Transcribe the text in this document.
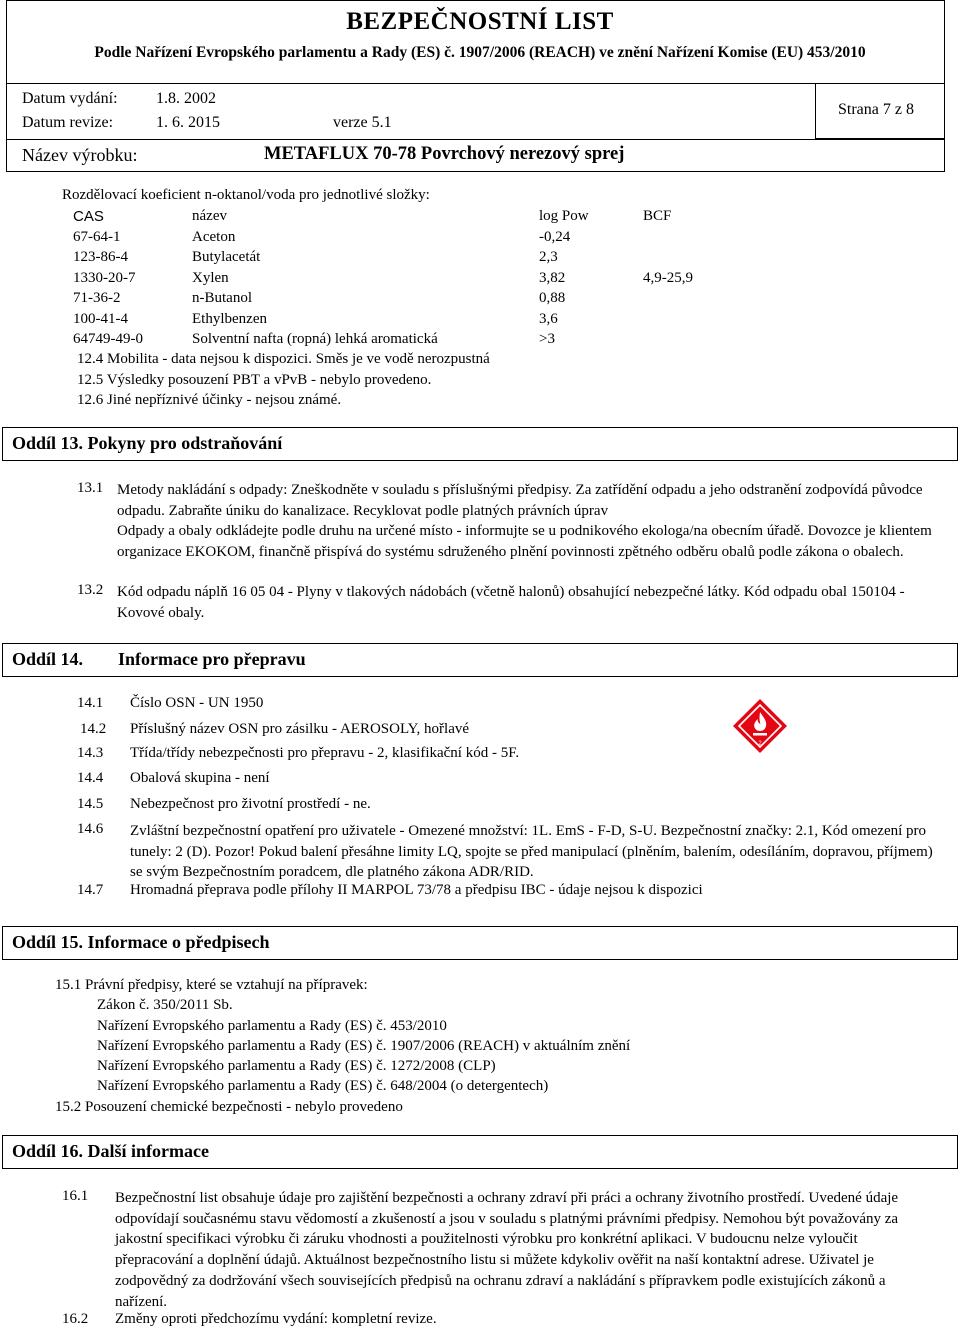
BEZPEČNOSTNÍ LIST
Podle Nařízení Evropského parlamentu a Rady (ES) č. 1907/2006 (REACH) ve znění Nařízení Komise (EU) 453/2010
Datum vydání: 1.8. 2002
Datum revize:	1. 6. 2015	verze 5.1
Strana 7 z 8
Název výrobku:	METAFLUX 70-78 Povrchový nerezový sprej
Rozdělovací koeficient n-oktanol/voda pro jednotlivé složky:
CAS	název	log Pow	BCF
67-64-1	Aceton	-0,24
123-86-4	Butylacetát	2,3
1330-20-7	Xylen	3,82	4,9-25,9
71-36-2	n-Butanol	0,88
100-41-4	Ethylbenzen	3,6
64749-49-0	Solventní nafta (ropná) lehká aromatická	>3
12.4 Mobilita - data nejsou k dispozici. Směs je ve vodě nerozpustná
12.5 Výsledky posouzení PBT a vPvB - nebylo provedeno.
12.6 Jiné nepříznivé účinky - nejsou známé.
Oddíl 13. Pokyny pro odstraňování
13.1 Metody nakládání s odpady: Zneškodněte v souladu s příslušnými předpisy. Za zatřídění odpadu a jeho odstranění zodpovídá původce odpadu. Zabraňte úniku do kanalizace. Recyklovat podle platných právních úprav
Odpady a obaly odkládejte podle druhu na určené místo - informujte se u podnikového ekologa/na obecním úřadě. Dovozce je klientem organizace EKOKOM, finančně přispívá do systému sdruženého plnění povinnosti zpětného odběru obalů podle zákona o obalech.
13.2 Kód odpadu náplň 16 05 04 - Plyny v tlakových nádobách (včetně halonů) obsahující nebezpečné látky. Kód odpadu obal 150104 - Kovové obaly.
Oddíl 14. Informace pro přepravu
14.1 Číslo OSN - UN 1950
14.2 Příslušný název OSN pro zásilku - AEROSOLY, hořlavé
14.3 Třída/třídy nebezpečnosti pro přepravu - 2, klasifikační kód - 5F.
14.4 Obalová skupina - není
14.5 Nebezpečnost pro životní prostředí - ne.
14.6 Zvláštní bezpečnostní opatření pro uživatele - Omezené množství: 1L. EmS - F-D, S-U. Bezpečnostní značky: 2.1, Kód omezení pro tunely: 2 (D). Pozor! Pokud balení přesáhne limity LQ, spojte se před manipulací (plněním, balením, odesíláním, dopravou, příjmem) se svým Bezpečnostním poradcem, dle platného zákona ADR/RID.
14.7 Hromadná přeprava podle přílohy II MARPOL 73/78 a předpisu IBC - údaje nejsou k dispozici
2
Oddíl 15. Informace o předpisech
15.1 Právní předpisy, které se vztahují na přípravek:
Zákon č. 350/2011 Sb.
Nařízení Evropského parlamentu a Rady (ES) č. 453/2010
Nařízení Evropského parlamentu a Rady (ES) č. 1907/2006 (REACH) v aktuálním znění
Nařízení Evropského parlamentu a Rady (ES) č. 1272/2008 (CLP)
Nařízení Evropského parlamentu a Rady (ES) č. 648/2004 (o detergentech)
15.2 Posouzení chemické bezpečnosti - nebylo provedeno
Oddíl 16. Další informace
16.1 Bezpečnostní list obsahuje údaje pro zajištění bezpečnosti a ochrany zdraví při práci a ochrany životního prostředí. Uvedené údaje odpovídají současnému stavu vědomostí a zkušeností a jsou v souladu s platnými právními předpisy. Nemohou být považovány za jakostní specifikaci výrobku či záruku vhodnosti a použitelnosti výrobku pro konkrétní aplikaci. V budoucnu nelze vyloučit přepracování a doplnění údajů. Aktuálnost bezpečnostního listu si můžete kdykoliv ověřit na naší kontaktní adrese. Uživatel je zodpovědný za dodržování všech souvisejících předpisů na ochranu zdraví a nakládání s přípravkem podle existujících zákonů a nařízení.
16.2 Změny oproti předchozímu vydání: kompletní revize.
